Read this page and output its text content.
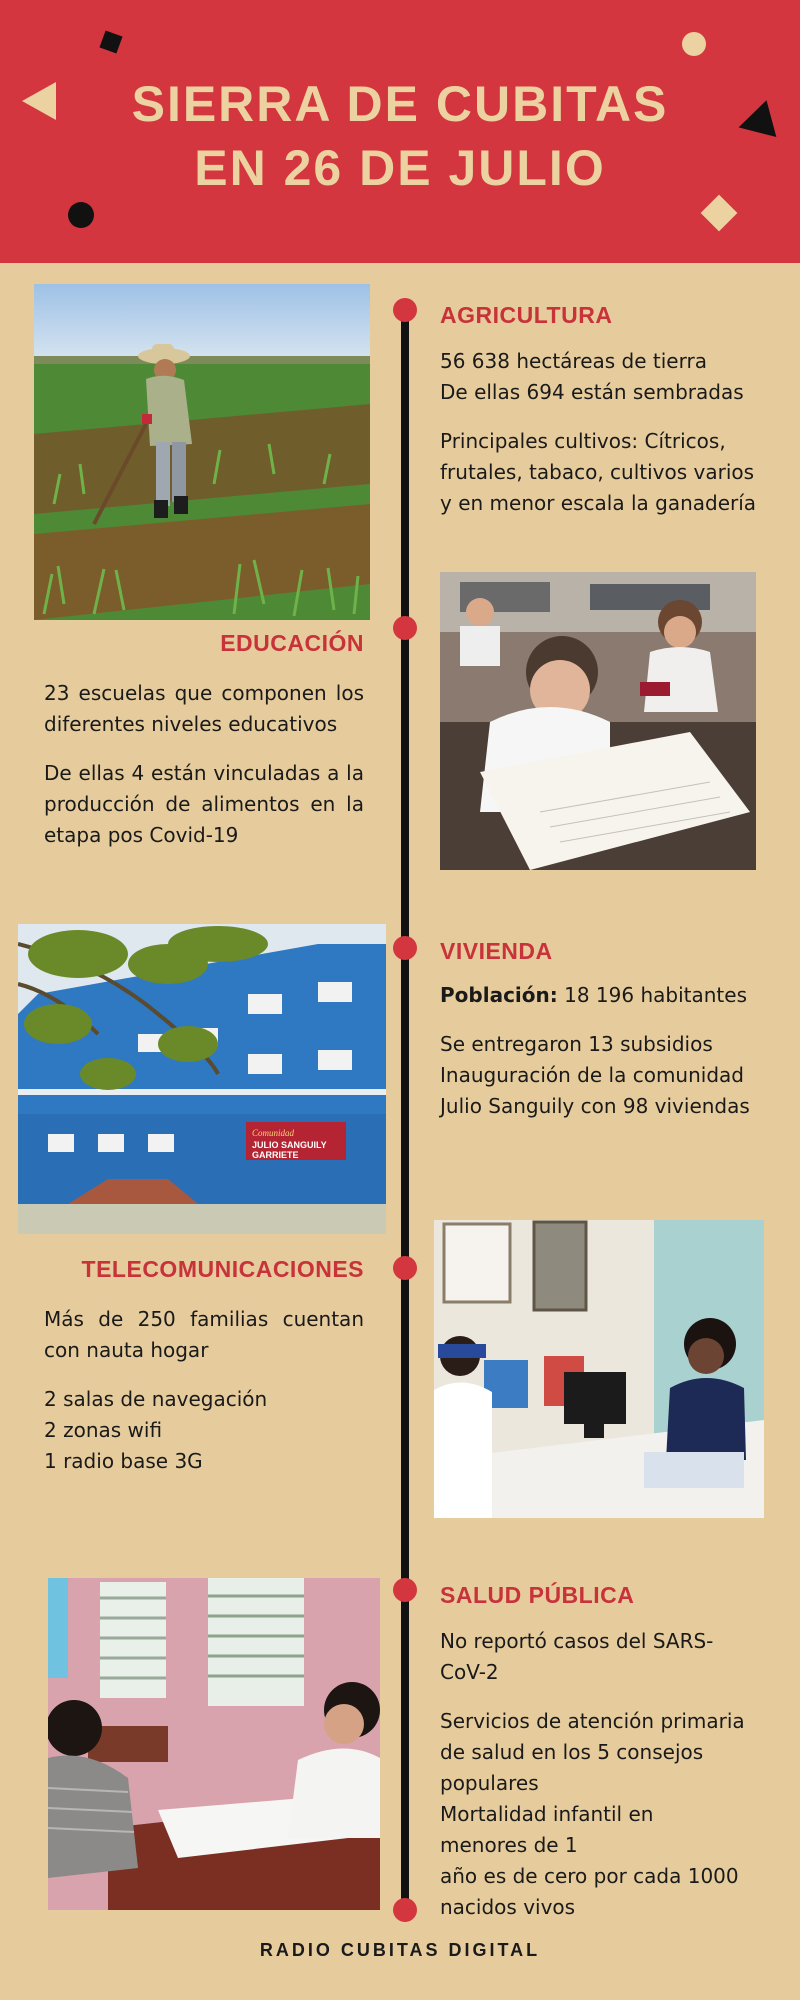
SIERRA DE CUBITAS
EN 26 DE JULIO
AGRICULTURA

56 638 hectáreas de tierra
De ellas 694 están sembradas

Principales cultivos: Cítricos,
frutales, tabaco, cultivos varios
y en menor escala la ganadería

EDUCACIÓN

23 escuelas que componen los diferentes niveles educativos

De ellas 4 están vinculadas a la producción de alimentos en la etapa pos Covid-19

Comunidad
JULIO SANGUILY
GARRIETE
VIVIENDA

Población: 18 196 habitantes

Se entregaron 13 subsidios
Inauguración de la comunidad
Julio Sanguily con 98 viviendas

TELECOMUNICACIONES

Más de 250 familias cuentan con nauta hogar

2 salas de navegación
2 zonas wifi
1 radio base 3G

SALUD PÚBLICA

No reportó casos del SARS-
CoV-2

Servicios de atención primaria
de salud en los 5 consejos
populares
Mortalidad infantil en
menores de 1
año es de cero por cada 1000
nacidos vivos

RADIO CUBITAS DIGITAL
